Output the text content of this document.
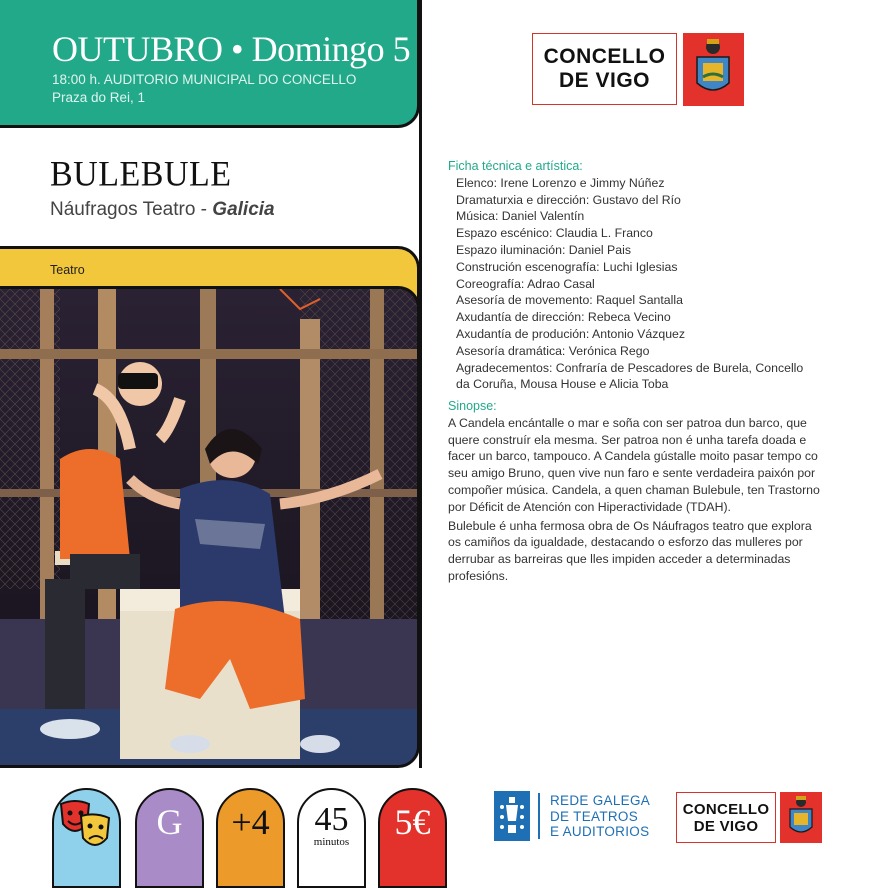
OUTUBRO • Domingo 5
18:00 h. AUDITORIO MUNICIPAL DO CONCELLO
Praza do Rei, 1
BULEBULE
Náufragos Teatro - Galicia
Teatro
CONCELLO
DE VIGO
Ficha técnica e artística:
Elenco: Irene Lorenzo e Jimmy Núñez
Dramaturxia e dirección: Gustavo del Río
Música: Daniel Valentín
Espazo escénico: Claudia L. Franco
Espazo iluminación: Daniel Pais
Construción escenografía: Luchi Iglesias
Coreografía: Adrao Casal
Asesoría de movemento: Raquel Santalla
Axudantía de dirección: Rebeca Vecino
Axudantía de produción: Antonio Vázquez
Asesoría dramática: Verónica Rego
Agradecementos: Confraría de Pescadores de Burela, Concello da Coruña, Mousa House e Alicia Toba
Sinopse:

A Candela encántalle o mar e soña con ser patroa dun barco, que quere construír ela mesma. Ser patroa non é unha tarefa doada e facer un barco, tampouco. A Candela gústalle moito pasar tempo co seu amigo Bruno, quen vive nun faro e sente verdadeira paixón por compoñer música. Candela, a quen chaman Bulebule, ten Trastorno por Déficit de Atención con Hiperactividade (TDAH).

Bulebule é unha fermosa obra de Os Náufragos teatro que explora os camiños da igualdade, destacando o esforzo das mulleres por derrubar as barreiras que lles impiden acceder a determinadas profesións.

G +4 45
minutos 5€
REDE GALEGA
DE TEATROS
E AUDITORIOS
CONCELLO
DE VIGO
